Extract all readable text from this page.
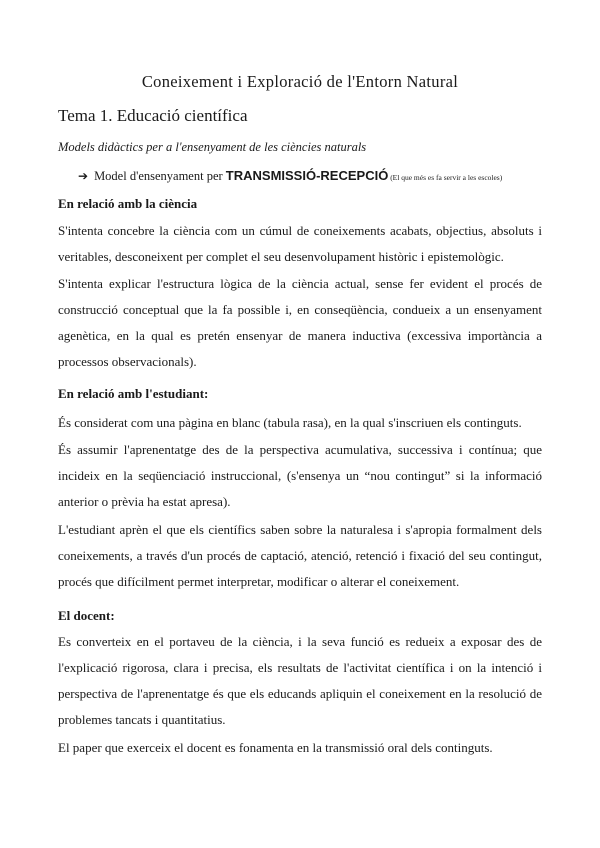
Coneixement i Exploració de l'Entorn Natural
Tema 1. Educació científica
Models didàctics per a l'ensenyament de les ciències naturals
➔ Model d'ensenyament per TRANSMISSIÓ-RECEPCIÓ (El que més es fa servir a les escoles)
En relació amb la ciència
S'intenta concebre la ciència com un cúmul de coneixements acabats, objectius, absoluts i veritables, desconeixent per complet el seu desenvolupament històric i epistemològic.
S'intenta explicar l'estructura lògica de la ciència actual, sense fer evident el procés de construcció conceptual que la fa possible i, en conseqüència, condueix a un ensenyament agenètica, en la qual es pretén ensenyar de manera inductiva (excessiva importància a processos observacionals).
En relació amb l'estudiant:
És considerat com una pàgina en blanc (tabula rasa), en la qual s'inscriuen els continguts.
És assumir l'aprenentatge des de la perspectiva acumulativa, successiva i contínua; que incideix en la seqüenciació instruccional, (s'ensenya un “nou contingut” si la informació anterior o prèvia ha estat apresa).
L'estudiant aprèn el que els científics saben sobre la naturalesa i s'apropia formalment dels coneixements, a través d'un procés de captació, atenció, retenció i fixació del seu contingut, procés que difícilment permet interpretar, modificar o alterar el coneixement.
El docent:
Es converteix en el portaveu de la ciència, i la seva funció es redueix a exposar des de l'explicació rigorosa, clara i precisa, els resultats de l'activitat científica i on la intenció i perspectiva de l'aprenentatge és que els educands apliquin el coneixement en la resolució de problemes tancats i quantitatius.
El paper que exerceix el docent es fonamenta en la transmissió oral dels continguts.
